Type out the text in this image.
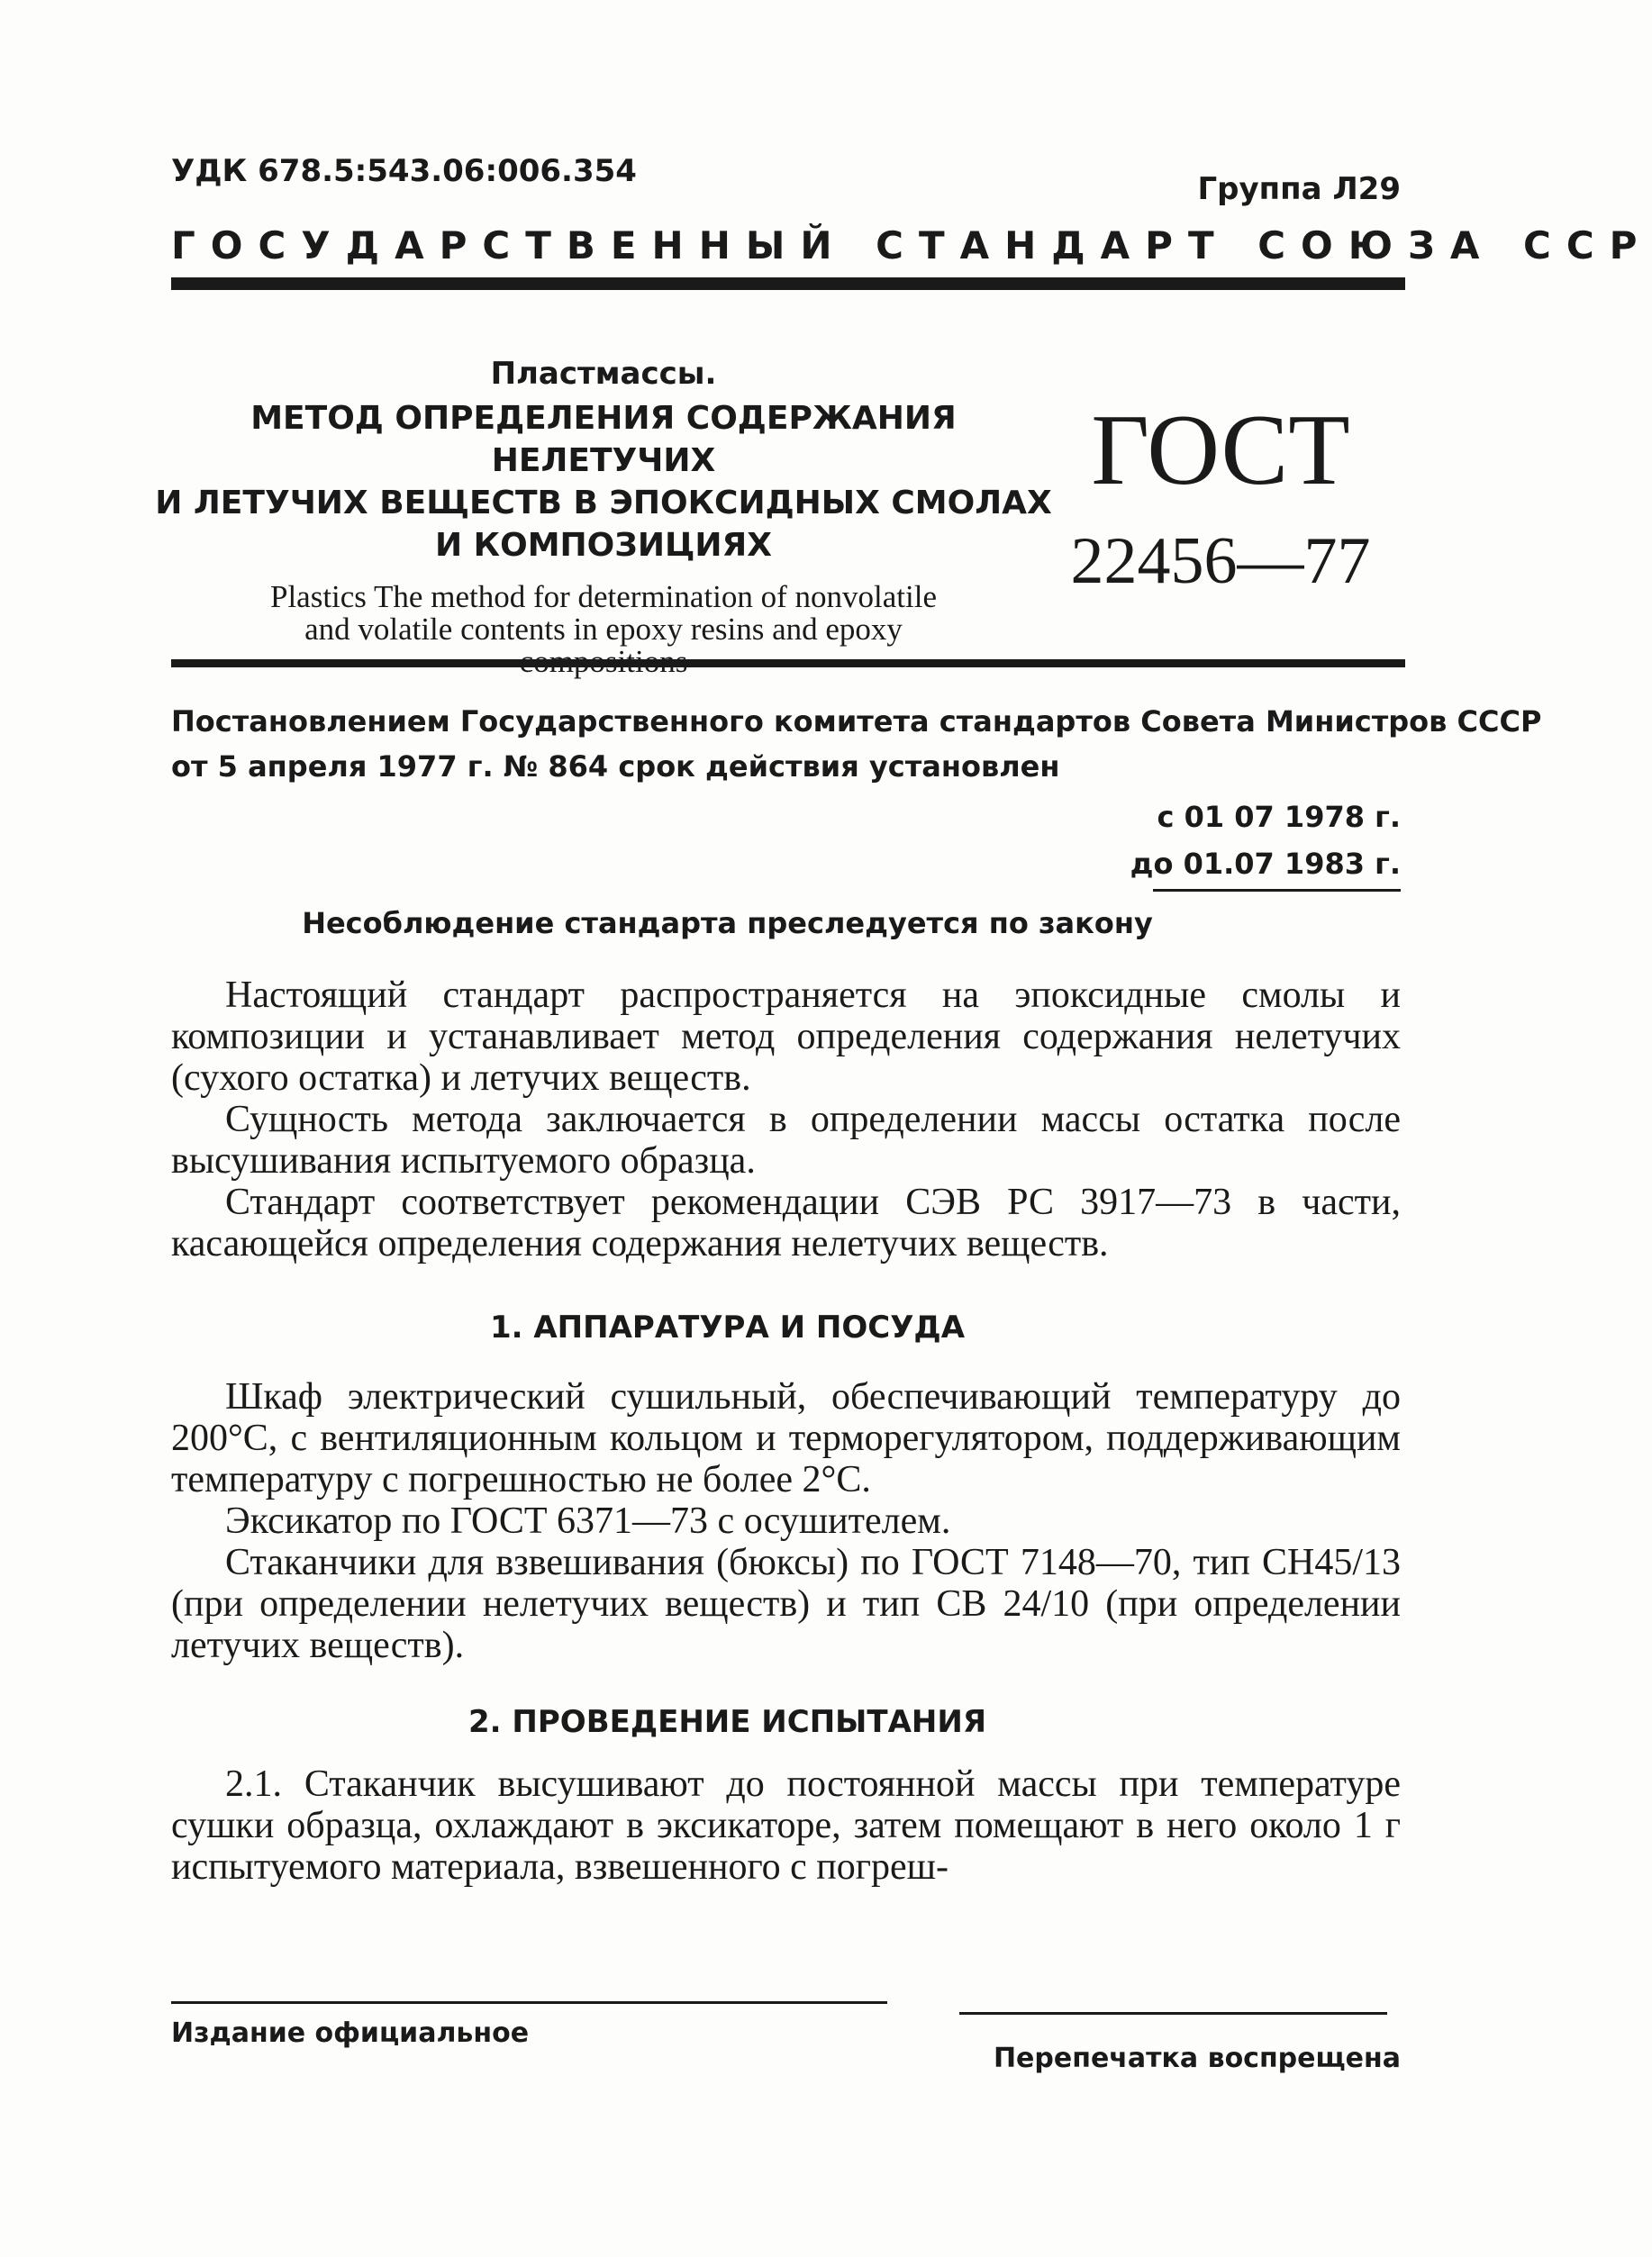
УДК 678.5:543.06:006.354	Группа Л29
ГОСУДАРСТВЕННЫЙ СТАНДАРТ СОЮЗА ССР
Пластмассы.
МЕТОД ОПРЕДЕЛЕНИЯ СОДЕРЖАНИЯ НЕЛЕТУЧИХ
И ЛЕТУЧИХ ВЕЩЕСТВ В ЭПОКСИДНЫХ СМОЛАХ
И КОМПОЗИЦИЯХ
Plastics The method for determination of nonvolatile
and volatile contents in epoxy resins and epoxy
ГОСТ
22456—77
Постановлением Государственного комитета стандартов Совета Министров СССР
от 5 апреля 1977 г. № 864 срок действия установлен
с 01 07 1978 г.
до 01.07 1983 г.
Несоблюдение стандарта преследуется по закону

Настоящий стандарт распространяется на эпоксидные смолы и композиции и устанавливает метод определения содержания нелетучих (сухого остатка) и летучих веществ.

Сущность метода заключается в определении массы остатка после высушивания испытуемого образца.

Стандарт соответствует рекомендации СЭВ РС 3917—73 в части, касающейся определения содержания нелетучих веществ.

1. АППАРАТУРА И ПОСУДА

Шкаф электрический сушильный, обеспечивающий температуру до 200°С, с вентиляционным кольцом и терморегулятором, поддерживающим температуру с погрешностью не более 2°С.

Эксикатор по ГОСТ 6371—73 с осушителем.

Стаканчики для взвешивания (бюксы) по ГОСТ 7148—70, тип СН45/13 (при определении нелетучих веществ) и тип СВ 24/10 (при определении летучих веществ).

2. ПРОВЕДЕНИЕ ИСПЫТАНИЯ

2.1. Стаканчик высушивают до постоянной массы при температуре сушки образца, охлаждают в эксикаторе, затем помещают в него около 1 г испытуемого материала, взвешенного с погреш-

Издание официальное
Перепечатка воспрещена
